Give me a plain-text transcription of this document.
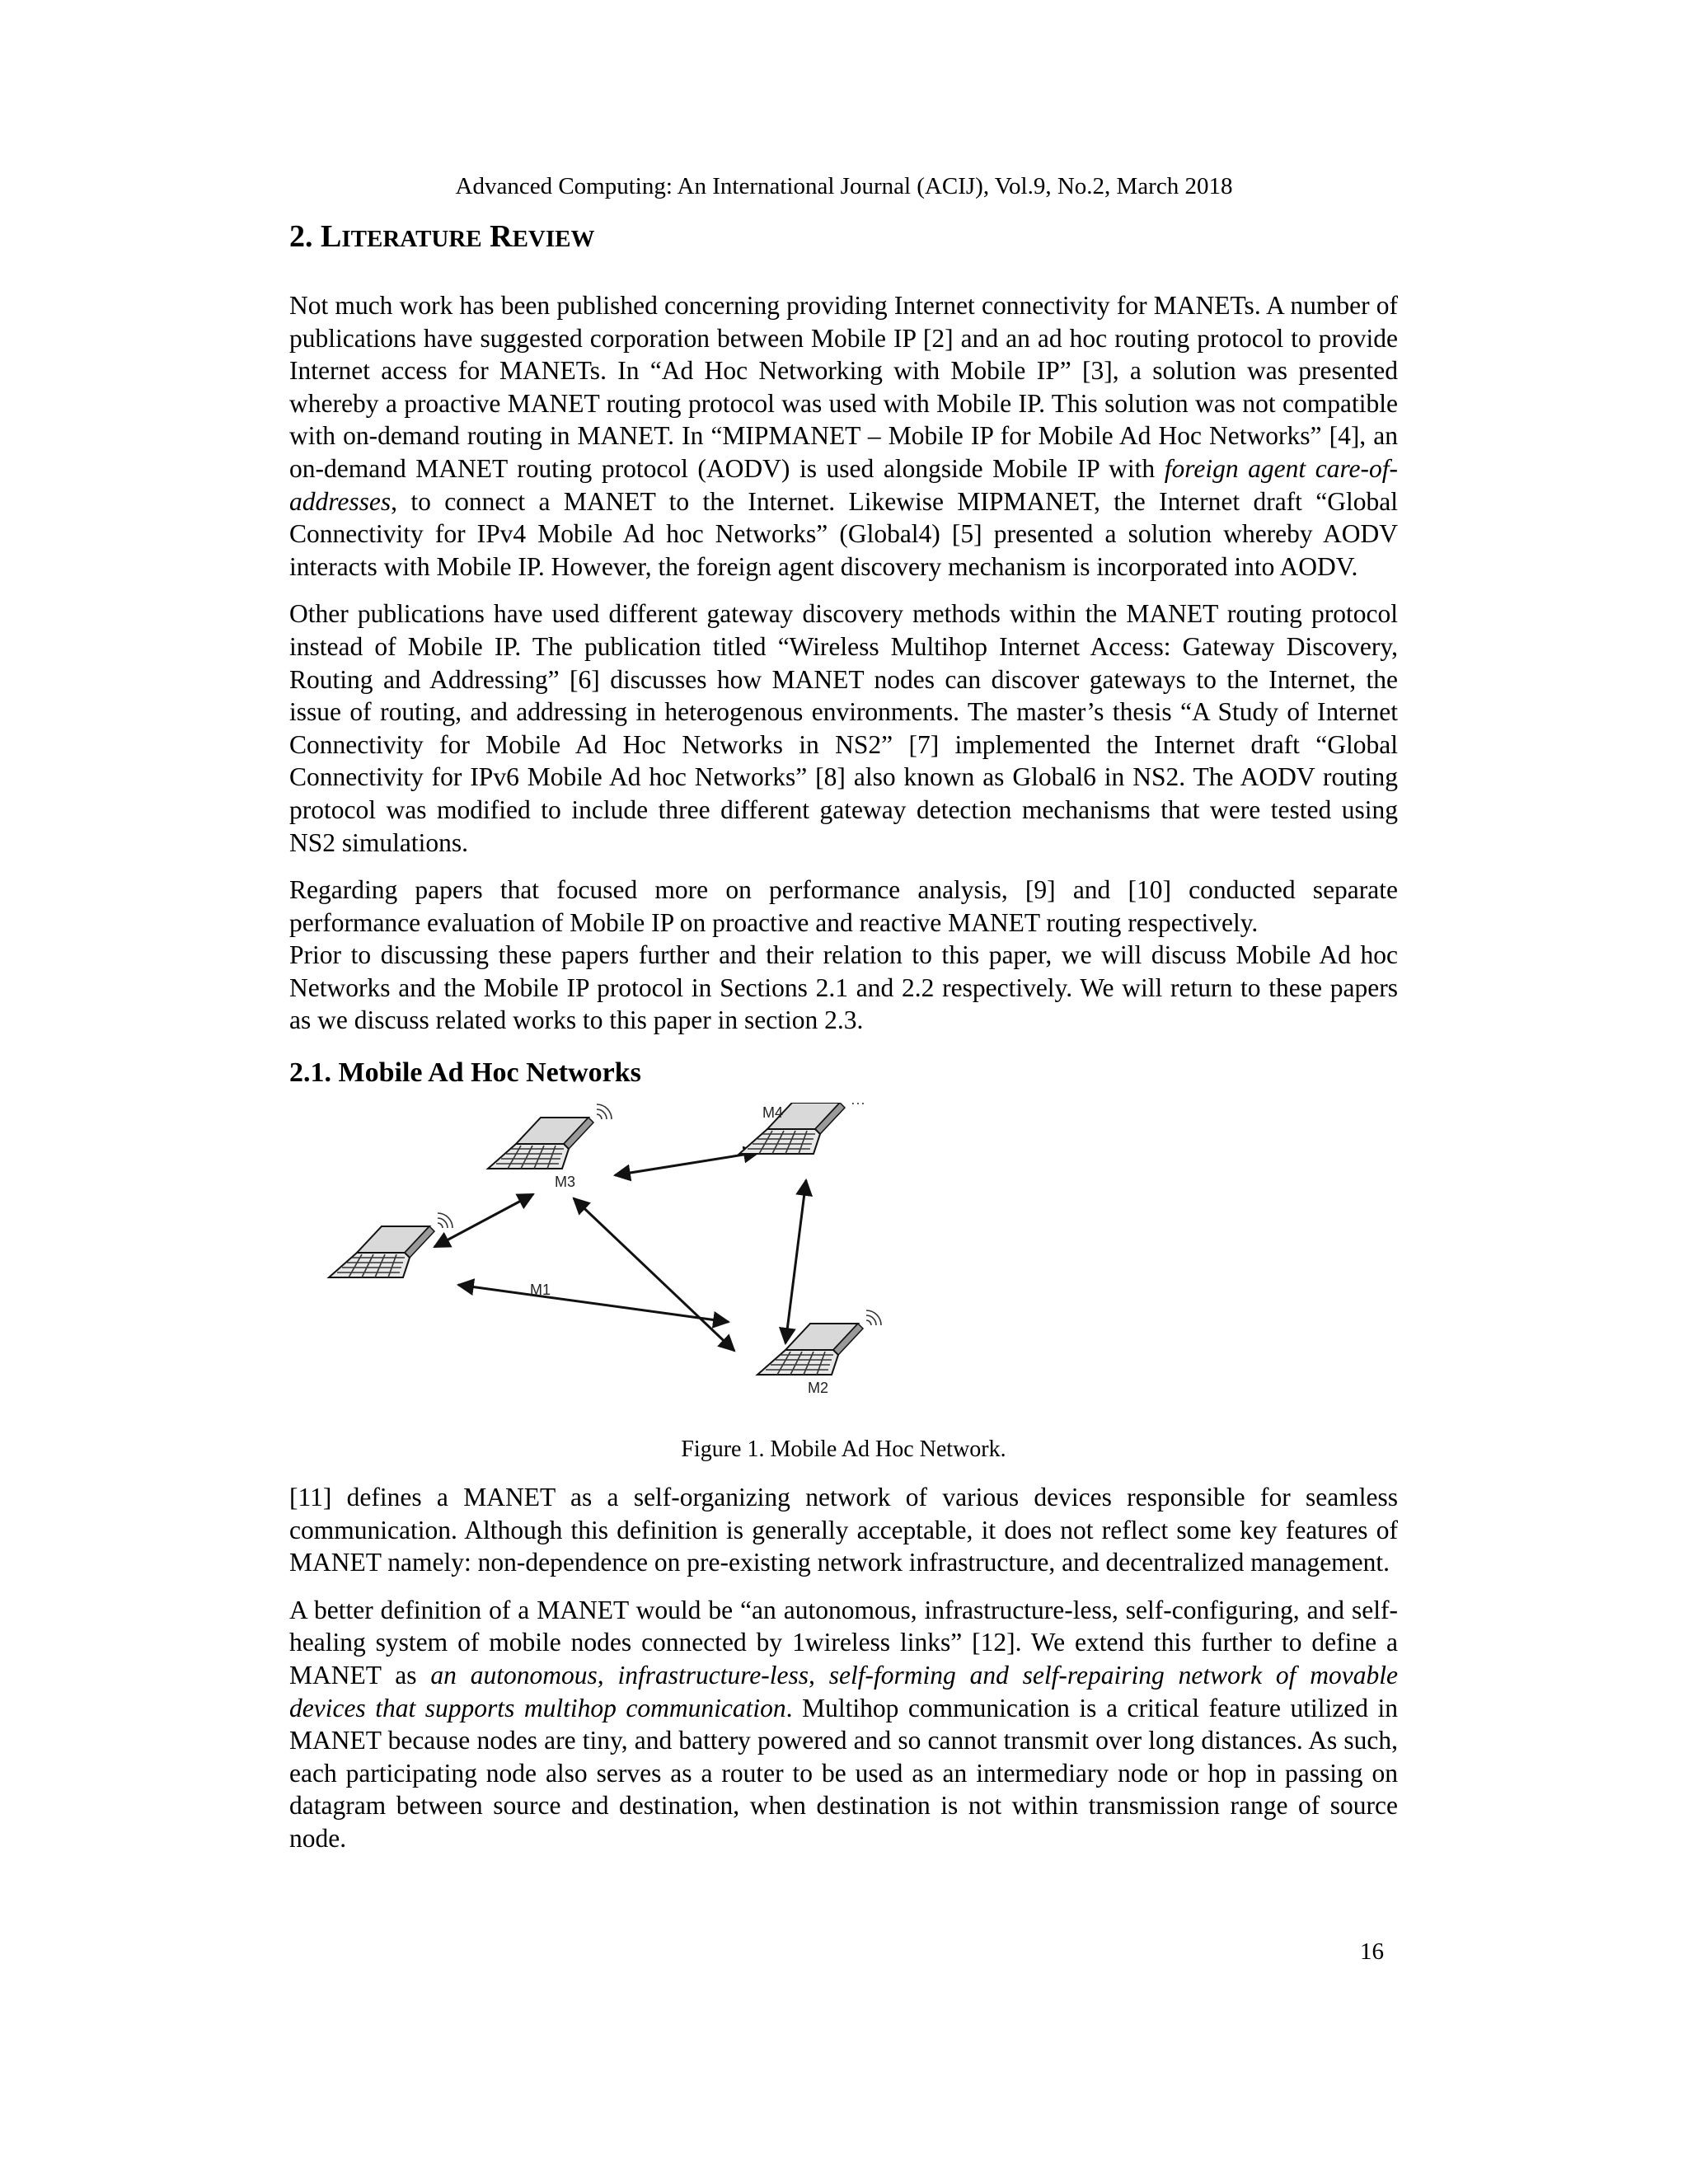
Advanced Computing: An International Journal (ACIJ), Vol.9, No.2, March 2018
2. LITERATURE REVIEW

Not much work has been published concerning providing Internet connectivity for MANETs. A number of publications have suggested corporation between Mobile IP [2] and an ad hoc routing protocol to provide Internet access for MANETs. In “Ad Hoc Networking with Mobile IP” [3], a solution was presented whereby a proactive MANET routing protocol was used with Mobile IP. This solution was not compatible with on-demand routing in MANET. In “MIPMANET – Mobile IP for Mobile Ad Hoc Networks” [4], an on-demand MANET routing protocol (AODV) is used alongside Mobile IP with foreign agent care-of-addresses, to connect a MANET to the Internet. Likewise MIPMANET, the Internet draft “Global Connectivity for IPv4 Mobile Ad hoc Networks” (Global4) [5] presented a solution whereby AODV interacts with Mobile IP. However, the foreign agent discovery mechanism is incorporated into AODV.

Other publications have used different gateway discovery methods within the MANET routing protocol instead of Mobile IP. The publication titled “Wireless Multihop Internet Access: Gateway Discovery, Routing and Addressing” [6] discusses how MANET nodes can discover gateways to the Internet, the issue of routing, and addressing in heterogenous environments. The master’s thesis “A Study of Internet Connectivity for Mobile Ad Hoc Networks in NS2” [7] implemented the Internet draft “Global Connectivity for IPv6 Mobile Ad hoc Networks” [8] also known as Global6 in NS2. The AODV routing protocol was modified to include three different gateway detection mechanisms that were tested using NS2 simulations.

Regarding papers that focused more on performance analysis, [9] and [10] conducted separate performance evaluation of Mobile IP on proactive and reactive MANET routing respectively.

Prior to discussing these papers further and their relation to this paper, we will discuss Mobile Ad hoc Networks and the Mobile IP protocol in Sections 2.1 and 2.2 respectively. We will return to these papers as we discuss related works to this paper in section 2.3.

2.1. Mobile Ad Hoc Networks
M3
M4
M1
M2
Figure 1. Mobile Ad Hoc Network.

[11] defines a MANET as a self-organizing network of various devices responsible for seamless communication. Although this definition is generally acceptable, it does not reflect some key features of MANET namely: non-dependence on pre-existing network infrastructure, and decentralized management.

A better definition of a MANET would be “an autonomous, infrastructure-less, self-configuring, and self-healing system of mobile nodes connected by 1wireless links” [12]. We extend this further to define a MANET as an autonomous, infrastructure-less, self-forming and self-repairing network of movable devices that supports multihop communication. Multihop communication is a critical feature utilized in MANET because nodes are tiny, and battery powered and so cannot transmit over long distances. As such, each participating node also serves as a router to be used as an intermediary node or hop in passing on datagram between source and destination, when destination is not within transmission range of source node.

16
